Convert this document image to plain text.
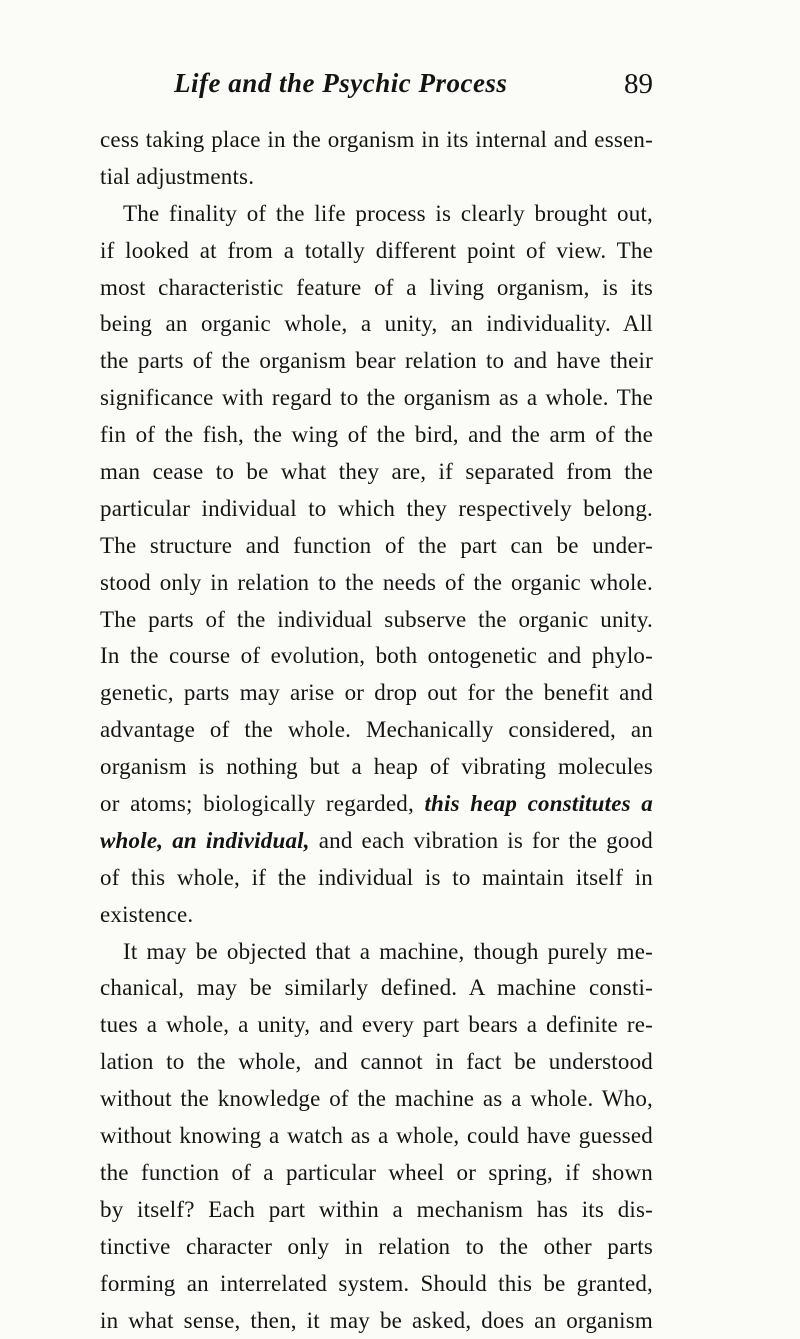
Life and the Psychic Process	89
cess taking place in the organism in its internal and essen-
tial adjustments.
The finality of the life process is clearly brought out,
if looked at from a totally different point of view. The
most characteristic feature of a living organism, is its
being an organic whole, a unity, an individuality. All
the parts of the organism bear relation to and have their
significance with regard to the organism as a whole. The
fin of the fish, the wing of the bird, and the arm of the
man cease to be what they are, if separated from the
particular individual to which they respectively belong.
The structure and function of the part can be under-
stood only in relation to the needs of the organic whole.
The parts of the individual subserve the organic unity.
In the course of evolution, both ontogenetic and phylo-
genetic, parts may arise or drop out for the benefit and
advantage of the whole. Mechanically considered, an
organism is nothing but a heap of vibrating molecules
or atoms; biologically regarded, this heap constitutes a
whole, an individual, and each vibration is for the good
of this whole, if the individual is to maintain itself in
existence.
It may be objected that a machine, though purely me-
chanical, may be similarly defined. A machine consti-
tues a whole, a unity, and every part bears a definite re-
lation to the whole, and cannot in fact be understood
without the knowledge of the machine as a whole. Who,
without knowing a watch as a whole, could have guessed
the function of a particular wheel or spring, if shown
by itself? Each part within a mechanism has its dis-
tinctive character only in relation to the other parts
forming an interrelated system. Should this be granted,
in what sense, then, it may be asked, does an organism
